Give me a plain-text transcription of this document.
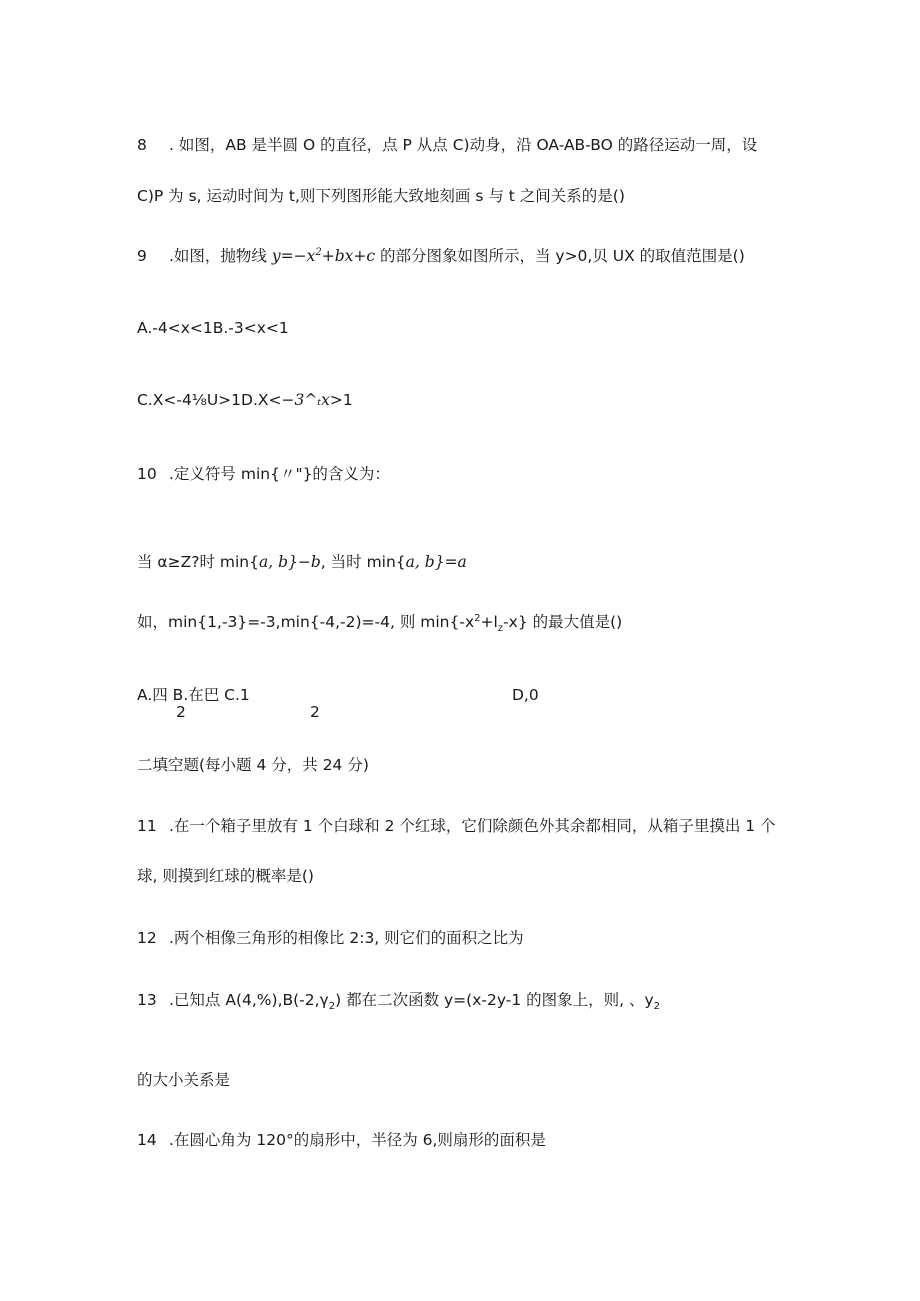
8 . 如图，AB 是半圆 O 的直径，点 P 从点 C)动身，沿 OA-AB-BO 的路径运动一周，设
C)P 为 s, 运动时间为 t,则下列图形能大致地刻画 s 与 t 之间关系的是()
9 .如图，抛物线 $y=-x^2+bx+c$ 的部分图象如图所示，当 y>0,贝 UX 的取值范围是()
A.-4<x<1B.-3<x<1
C.X<-4⅛U>1D.X<−3^ₜx>1
10 .定义符号 min{〃"}的含义为：
当 α≥Z?时 min{a, b}−b, 当时 min{a, b}=a
如，min{1,-3}=-3,min{-4,-2)=-4, 则 $\min\{-x^2+l_z-x\}$ 的最大值是()
A.四 B.在巴 C.1	D,0
2	2
二填空题(每小题 4 分，共 24 分)
11 .在一个箱子里放有 1 个白球和 2 个红球，它们除颜色外其余都相同，从箱子里摸出 1 个
球, 则摸到红球的概率是()
12 .两个相像三角形的相像比 2:3, 则它们的面积之比为
13 .已知点 $A(4,\%),B(-2,\gamma_2)$ 都在二次函数 y=(x-2y-1 的图象上，则, 、$y_2$
的大小关系是
14 .在圆心角为 120°的扇形中，半径为 6,则扇形的面积是
